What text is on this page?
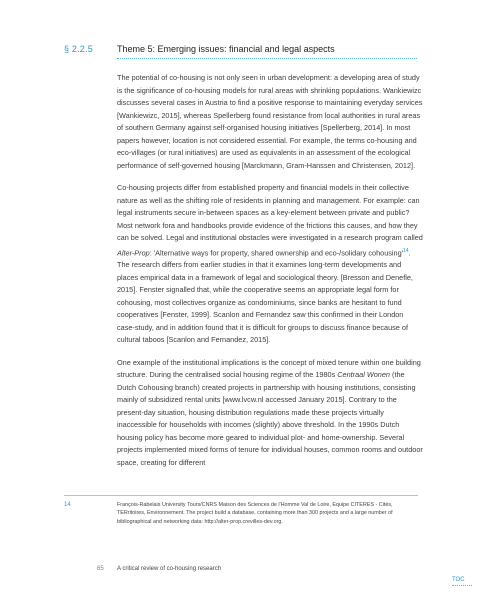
§ 2.2.5	Theme 5: Emerging issues: financial and legal aspects

The potential of co-housing is not only seen in urban development: a developing area of study is the significance of co-housing models for rural areas with shrinking populations. Wankiewizc discusses several cases in Austria to find a positive response to maintaining everyday services [Wankiewizc, 2015], whereas Spellerberg found resistance from local authorities in rural areas of southern Germany against self-organised housing initiatives [Spellerberg, 2014]. In most papers however, location is not considered essential. For example, the terms co-housing and eco-villages (or rural initiatives) are used as equivalents in an assessment of the ecological performance of self-governed housing [Marckmann, Gram-Hanssen and Christensen, 2012].

Co-housing projects differ from established property and financial models in their collective nature as well as the shifting role of residents in planning and management. For example: can legal instruments secure in-between spaces as a key-element between private and public? Most network fora and handbooks provide evidence of the frictions this causes, and how they can be solved. Legal and institutional obstacles were investigated in a research program called Alter-Prop: 'Alternative ways for property, shared ownership and eco-/solidary cohousing'$^{14}$. The research differs from earlier studies in that it examines long-term developments and places empirical data in a framework of legal and sociological theory. [Bresson and Denefle, 2015]. Fenster signalled that, while the cooperative seems an appropriate legal form for cohousing, most collectives organize as condominiums, since banks are hesitant to fund cooperatives [Fenster, 1999]. Scanlon and Fernandez saw this confirmed in their London case-study, and in addition found that it is difficult for groups to discuss finance because of cultural taboos [Scanlon and Fernandez, 2015].

One example of the institutional implications is the concept of mixed tenure within one building structure. During the centralised social housing regime of the 1980s Centraal Wonen (the Dutch Cohousing branch) created projects in partnership with housing institutions, consisting mainly of subsidized rental units [www.lvcw.nl accessed January 2015]. Contrary to the present-day situation, housing distribution regulations made these projects virtually inaccessible for households with incomes (slightly) above threshold. In the 1990s Dutch housing policy has become more geared to individual plot- and home-ownership. Several projects implemented mixed forms of tenure for individual houses, common rooms and outdoor space, creating for different

14	François-Rabelais University Tours/CNRS Maison des Sciences de l'Homme Val de Loire, Equipe CITERES - Cités, TERritoires, Environnement. The project build a database, containing more than 300 projects and a large number of bibliographical and networking data: http://alter-prop.crevilles-dev.org.
65 A critical review of co-housing research
TOC
